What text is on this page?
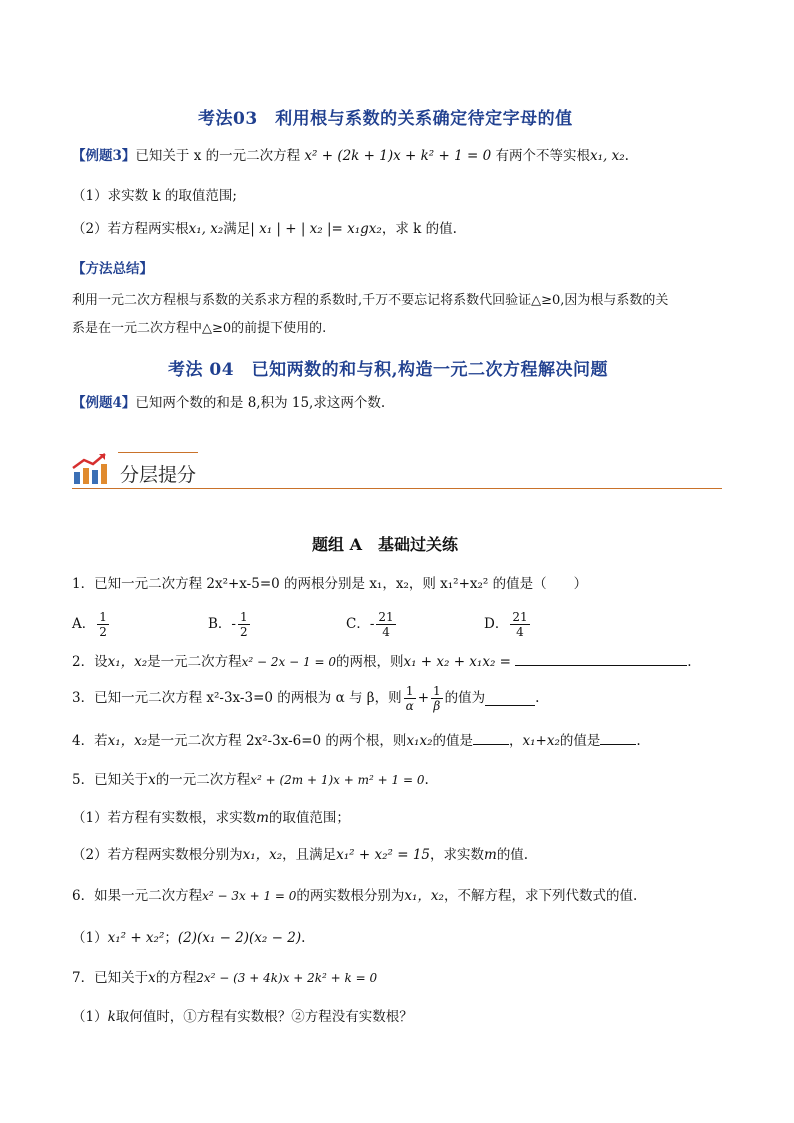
考法03　利用根与系数的关系确定待定字母的值
【例题3】已知关于 x 的一元二次方程 x² + (2k + 1)x + k² + 1 = 0 有两个不等实根x₁, x₂.
（1）求实数 k 的取值范围;
（2）若方程两实根x₁, x₂满足| x₁ | + | x₂ |= x₁gx₂，求 k 的值.
【方法总结】
利用一元二次方程根与系数的关系求方程的系数时,千万不要忘记将系数代回验证△≥0,因为根与系数的关
系是在一元二次方程中△≥0的前提下使用的.
考法 04　已知两数的和与积,构造一元二次方程解决问题
【例题4】已知两个数的和是 8,积为 15,求这两个数.
分层提分
题组 A　基础过关练
1．已知一元二次方程 2x²+x-5=0 的两根分别是 x₁，x₂，则 x₁²+x₂² 的值是（　　）
A． $\frac{1}{2}$	B．- $\frac{1}{2}$	C．- $\frac{21}{4}$	D． $\frac{21}{4}$
2．设x₁，x₂是一元二次方程x² − 2x − 1 = 0的两根，则x₁ + x₂ + x₁x₂ =	.
3．已知一元二次方程 x²-3x-3=0 的两根为 α 与 β，则 $\frac{1}{\alpha} + \frac{1}{\beta}$ 的值为	.
4．若x₁，x₂是一元二次方程 2x²-3x-6=0 的两个根，则x₁x₂的值是	，x₁+x₂的值是	.
5．已知关于x的一元二次方程x² + (2m + 1)x + m² + 1 = 0.
（1）若方程有实数根，求实数m的取值范围；
（2）若方程两实数根分别为x₁，x₂，且满足x₁² + x₂² = 15，求实数m的值.
6．如果一元二次方程x² − 3x + 1 = 0的两实数根分别为x₁，x₂，不解方程，求下列代数式的值.
（1）x₁² + x₂²；(2)(x₁ − 2)(x₂ − 2).
7．已知关于x的方程2x² − (3 + 4k)x + 2k² + k = 0
（1）k取何值时，①方程有实数根？②方程没有实数根？
